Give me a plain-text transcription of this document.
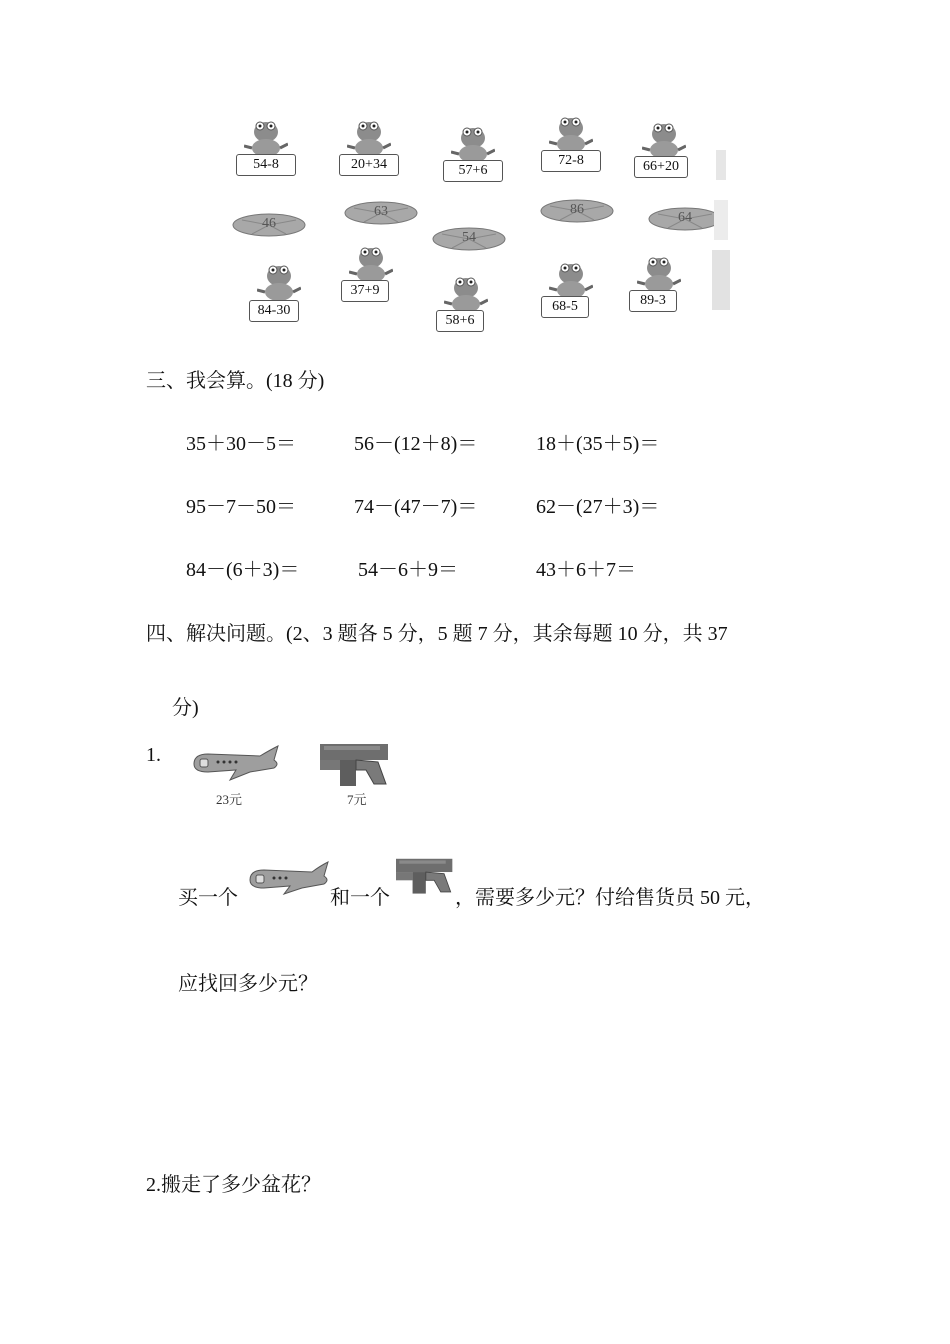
54-8	20+34	57+6
72-8	66+20
46
63
54
86
64
84-30
37+9
58+6
68-5	89-3
三、我会算。(18 分)
35＋30－5＝	56－(12＋8)＝	18＋(35＋5)＝
95－7－50＝	74－(47－7)＝	62－(27＋3)＝
84－(6＋3)＝	54－6＋9＝	43＋6＋7＝
四、解决问题。(2、3 题各 5 分，5 题 7 分，其余每题 10 分，共 37
分)
1.
23元	7元
买一个	和一个	，需要多少元？付给售货员 50 元，
应找回多少元？
2.搬走了多少盆花？
